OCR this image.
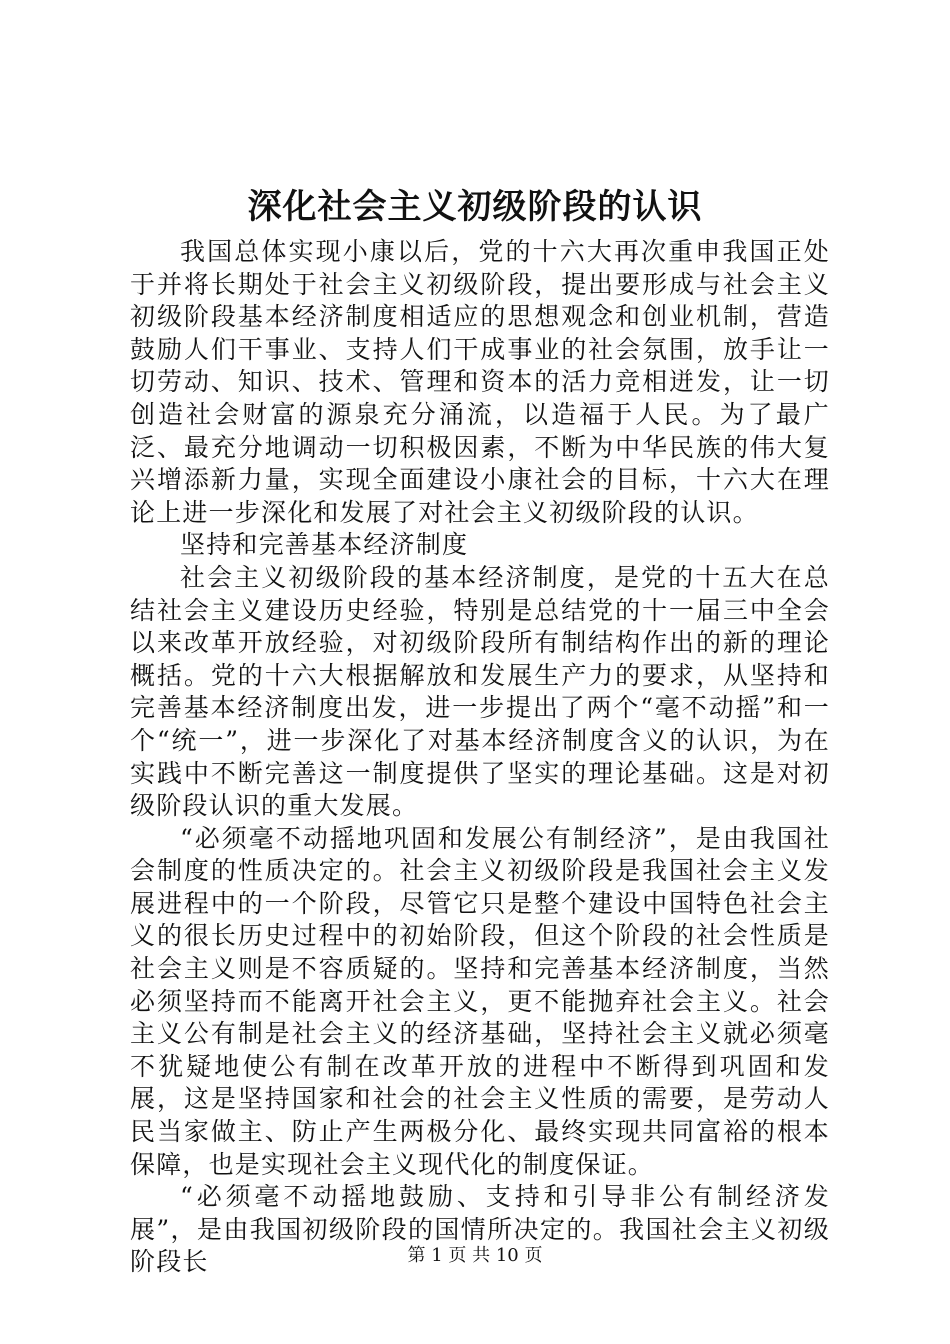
深化社会主义初级阶段的认识

我国总体实现小康以后，党的十六大再次重申我国正处于并将长期处于社会主义初级阶段，提出要形成与社会主义初级阶段基本经济制度相适应的思想观念和创业机制，营造鼓励人们干事业、支持人们干成事业的社会氛围，放手让一切劳动、知识、技术、管理和资本的活力竞相迸发，让一切创造社会财富的源泉充分涌流，以造福于人民。为了最广泛、最充分地调动一切积极因素，不断为中华民族的伟大复兴增添新力量，实现全面建设小康社会的目标，十六大在理论上进一步深化和发展了对社会主义初级阶段的认识。

坚持和完善基本经济制度

社会主义初级阶段的基本经济制度，是党的十五大在总结社会主义建设历史经验，特别是总结党的十一届三中全会以来改革开放经验，对初级阶段所有制结构作出的新的理论概括。党的十六大根据解放和发展生产力的要求，从坚持和完善基本经济制度出发，进一步提出了两个“毫不动摇”和一个“统一”，进一步深化了对基本经济制度含义的认识，为在实践中不断完善这一制度提供了坚实的理论基础。这是对初级阶段认识的重大发展。

“必须毫不动摇地巩固和发展公有制经济”，是由我国社会制度的性质决定的。社会主义初级阶段是我国社会主义发展进程中的一个阶段，尽管它只是整个建设中国特色社会主义的很长历史过程中的初始阶段，但这个阶段的社会性质是社会主义则是不容质疑的。坚持和完善基本经济制度，当然必须坚持而不能离开社会主义，更不能抛弃社会主义。社会主义公有制是社会主义的经济基础，坚持社会主义就必须毫不犹疑地使公有制在改革开放的进程中不断得到巩固和发展，这是坚持国家和社会的社会主义性质的需要，是劳动人民当家做主、防止产生两极分化、最终实现共同富裕的根本保障，也是实现社会主义现代化的制度保证。

“必须毫不动摇地鼓励、支持和引导非公有制经济发展”，是由我国初级阶段的国情所决定的。我国社会主义初级阶段长	第 1 页 共 10 页
